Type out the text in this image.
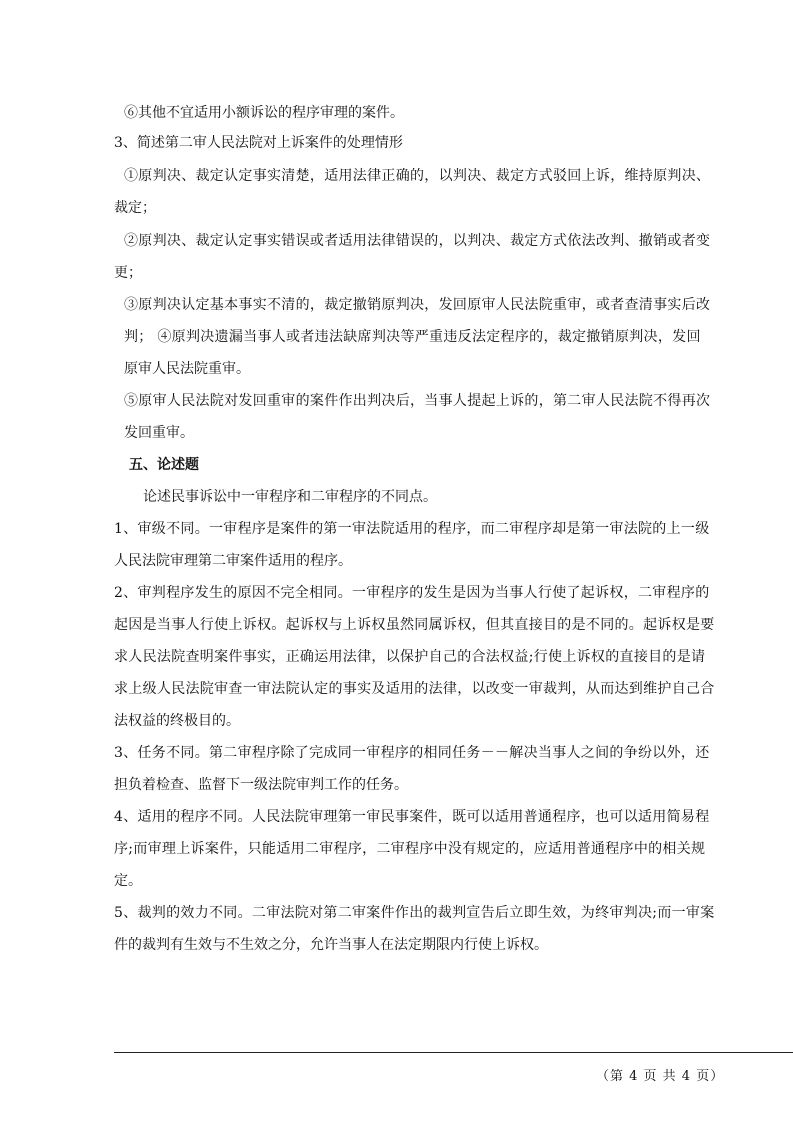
⑥其他不宜适用小额诉讼的程序审理的案件。
3、简述第二审人民法院对上诉案件的处理情形
①原判决、裁定认定事实清楚，适用法律正确的，以判决、裁定方式驳回上诉，维持原判决、
裁定；
②原判决、裁定认定事实错误或者适用法律错误的，以判决、裁定方式依法改判、撤销或者变
更；
③原判决认定基本事实不清的，裁定撤销原判决，发回原审人民法院重审，或者查清事实后改
判； ④原判决遗漏当事人或者违法缺席判决等严重违反法定程序的，裁定撤销原判决，发回
原审人民法院重审。
⑤原审人民法院对发回重审的案件作出判决后，当事人提起上诉的，第二审人民法院不得再次
发回重审。
五、论述题
论述民事诉讼中一审程序和二审程序的不同点。
1、审级不同。一审程序是案件的第一审法院适用的程序，而二审程序却是第一审法院的上一级
人民法院审理第二审案件适用的程序。
2、审判程序发生的原因不完全相同。一审程序的发生是因为当事人行使了起诉权，二审程序的
起因是当事人行使上诉权。起诉权与上诉权虽然同属诉权，但其直接目的是不同的。起诉权是要
求人民法院查明案件事实，正确运用法律，以保护自己的合法权益;行使上诉权的直接目的是请
求上级人民法院审查一审法院认定的事实及适用的法律，以改变一审裁判，从而达到维护自己合
法权益的终极目的。
3、任务不同。第二审程序除了完成同一审程序的相同任务－－解决当事人之间的争纷以外，还
担负着检查、监督下一级法院审判工作的任务。
4、适用的程序不同。人民法院审理第一审民事案件，既可以适用普通程序，也可以适用简易程
序;而审理上诉案件，只能适用二审程序，二审程序中没有规定的，应适用普通程序中的相关规
定。
5、裁判的效力不同。二审法院对第二审案件作出的裁判宣告后立即生效，为终审判决;而一审案
件的裁判有生效与不生效之分，允许当事人在法定期限内行使上诉权。
（第 4 页 共 4 页）
